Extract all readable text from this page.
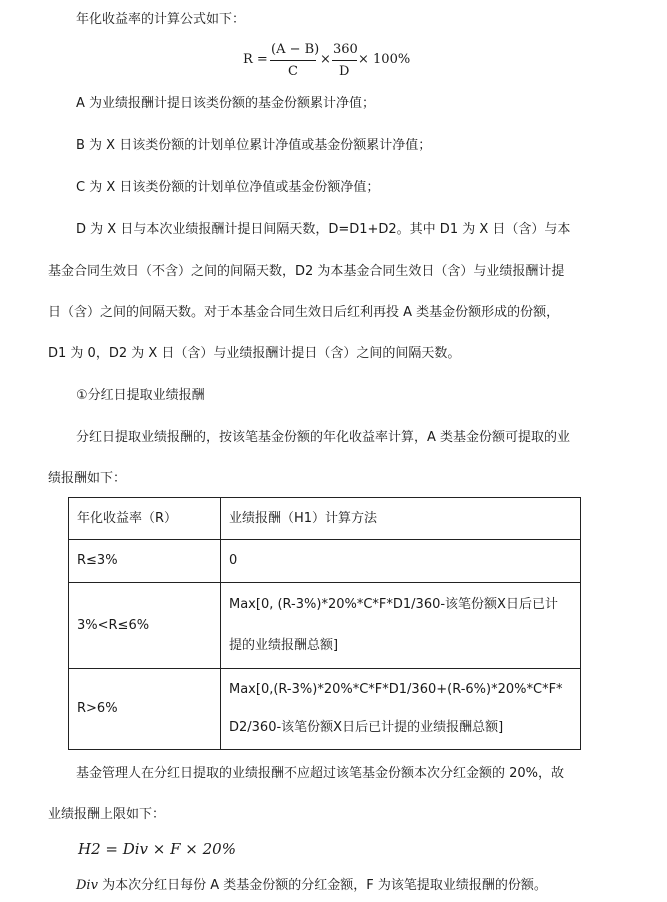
年化收益率的计算公式如下：
R =
(A − B)
C
×
360
D
× 100%
A 为业绩报酬计提日该类份额的基金份额累计净值；
B 为 X 日该类份额的计划单位累计净值或基金份额累计净值；
C 为 X 日该类份额的计划单位净值或基金份额净值；
D 为 X 日与本次业绩报酬计提日间隔天数，D=D1+D2。其中 D1 为 X 日（含）与本
基金合同生效日（不含）之间的间隔天数，D2 为本基金合同生效日（含）与业绩报酬计提
日（含）之间的间隔天数。对于本基金合同生效日后红利再投 A 类基金份额形成的份额，
D1 为 0，D2 为 X 日（含）与业绩报酬计提日（含）之间的间隔天数。
①分红日提取业绩报酬
分红日提取业绩报酬的，按该笔基金份额的年化收益率计算，A 类基金份额可提取的业
绩报酬如下：
年化收益率（R）	业绩报酬（H1）计算方法
R≤3%	0
3%<R≤6%	Max[0, (R-3%)*20%*C*F*D1/360-该笔份额X日后已计
提的业绩报酬总额]

R>6%	Max[0,(R-3%)*20%*C*F*D1/360+(R-6%)*20%*C*F*
D2/360-该笔份额X日后已计提的业绩报酬总额]
基金管理人在分红日提取的业绩报酬不应超过该笔基金份额本次分红金额的 20%，故
业绩报酬上限如下：
H2 = Div × F × 20%
Div 为本次分红日每份 A 类基金份额的分红金额，F 为该笔提取业绩报酬的份额。
